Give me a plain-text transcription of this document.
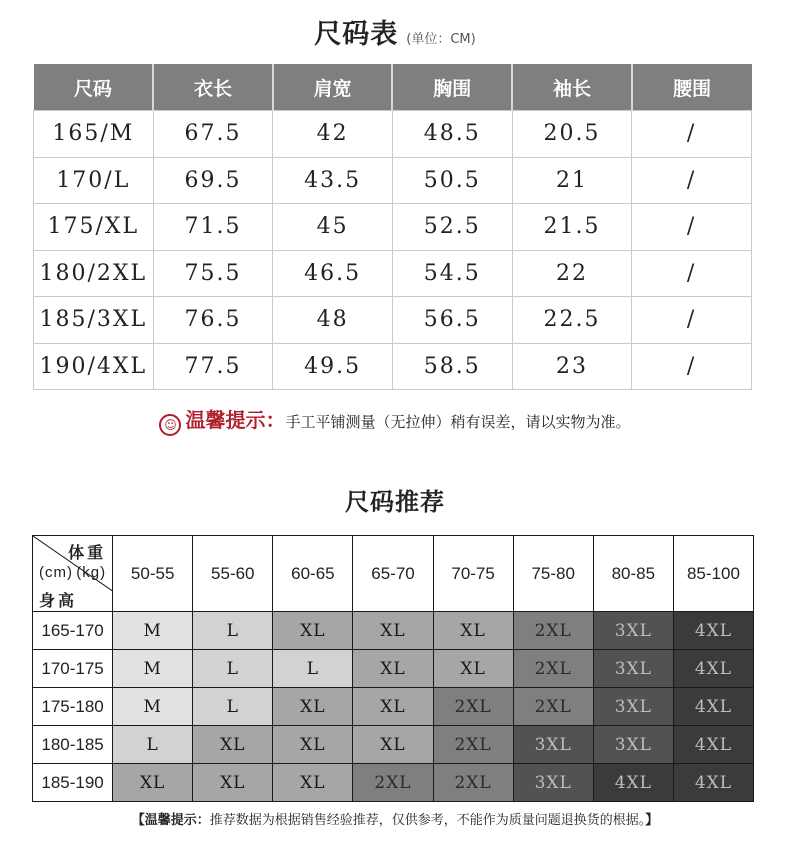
尺码表 (单位：CM)
尺码	衣长	肩宽	胸围	袖长	腰围
165/M	67.5	42	48.5	20.5	/
170/L	69.5	43.5	50.5	21	/
175/XL	71.5	45	52.5	21.5	/
180/2XL	75.5	46.5	54.5	22	/
185/3XL	76.5	48	56.5	22.5	/
190/4XL	77.5	49.5	58.5	23	/
☺ 温馨提示：手工平铺测量（无拉伸）稍有误差，请以实物为准。
尺码推荐
体重
(kg)
(cm)
身高	50-55	55-60	60-65	65-70	70-75	75-80	80-85	85-100
165-170	M	L	XL	XL	XL	2XL	3XL	4XL
170-175	M	L	L	XL	XL	2XL	3XL	4XL
175-180	M	L	XL	XL	2XL	2XL	3XL	4XL
180-185	L	XL	XL	XL	2XL	3XL	3XL	4XL
185-190	XL	XL	XL	2XL	2XL	3XL	4XL	4XL
【温馨提示：推荐数据为根据销售经验推荐，仅供参考，不能作为质量问题退换货的根据。】
